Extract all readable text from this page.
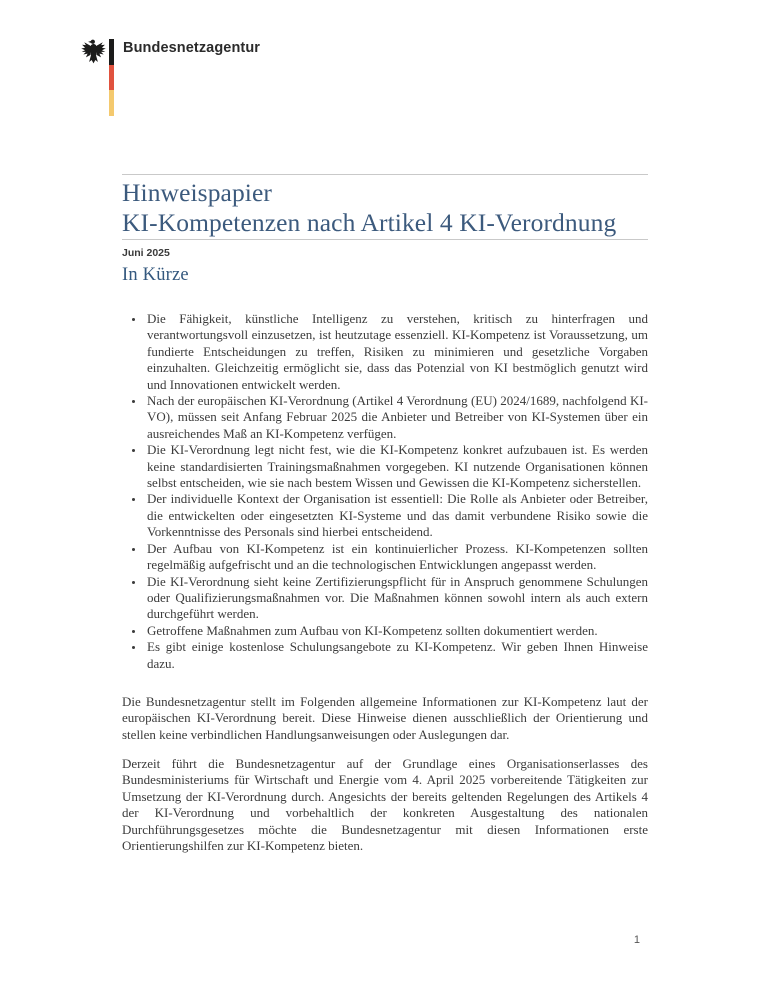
Bundesnetzagentur
Hinweispapier
KI-Kompetenzen nach Artikel 4 KI-Verordnung
Juni 2025
In Kürze
• Die Fähigkeit, künstliche Intelligenz zu verstehen, kritisch zu hinterfragen und verantwortungsvoll einzusetzen, ist heutzutage essenziell. KI-Kompetenz ist Voraussetzung, um fundierte Entscheidungen zu treffen, Risiken zu minimieren und gesetzliche Vorgaben einzuhalten. Gleichzeitig ermöglicht sie, dass das Potenzial von KI bestmöglich genutzt wird und Innovationen entwickelt werden.
• Nach der europäischen KI-Verordnung (Artikel 4 Verordnung (EU) 2024/1689, nachfolgend KI-VO), müssen seit Anfang Februar 2025 die Anbieter und Betreiber von KI-Systemen über ein ausreichendes Maß an KI-Kompetenz verfügen.
• Die KI-Verordnung legt nicht fest, wie die KI-Kompetenz konkret aufzubauen ist. Es werden keine standardisierten Trainingsmaßnahmen vorgegeben. KI nutzende Organisationen können selbst entscheiden, wie sie nach bestem Wissen und Gewissen die KI-Kompetenz sicherstellen.
• Der individuelle Kontext der Organisation ist essentiell: Die Rolle als Anbieter oder Betreiber, die entwickelten oder eingesetzten KI-Systeme und das damit verbundene Risiko sowie die Vorkenntnisse des Personals sind hierbei entscheidend.
• Der Aufbau von KI-Kompetenz ist ein kontinuierlicher Prozess. KI-Kompetenzen sollten regelmäßig aufgefrischt und an die technologischen Entwicklungen angepasst werden.
• Die KI-Verordnung sieht keine Zertifizierungspflicht für in Anspruch genommene Schulungen oder Qualifizierungsmaßnahmen vor. Die Maßnahmen können sowohl intern als auch extern durchgeführt werden.
• Getroffene Maßnahmen zum Aufbau von KI-Kompetenz sollten dokumentiert werden.
• Es gibt einige kostenlose Schulungsangebote zu KI-Kompetenz. Wir geben Ihnen Hinweise dazu.

Die Bundesnetzagentur stellt im Folgenden allgemeine Informationen zur KI-Kompetenz laut der europäischen KI-Verordnung bereit. Diese Hinweise dienen ausschließlich der Orientierung und stellen keine verbindlichen Handlungsanweisungen oder Auslegungen dar.

Derzeit führt die Bundesnetzagentur auf der Grundlage eines Organisationserlasses des Bundesministeriums für Wirtschaft und Energie vom 4. April 2025 vorbereitende Tätigkeiten zur Umsetzung der KI-Verordnung durch. Angesichts der bereits geltenden Regelungen des Artikels 4 der KI-Verordnung und vorbehaltlich der konkreten Ausgestaltung des nationalen Durchführungsgesetzes möchte die Bundesnetzagentur mit diesen Informationen erste Orientierungshilfen zur KI-Kompetenz bieten.

1
